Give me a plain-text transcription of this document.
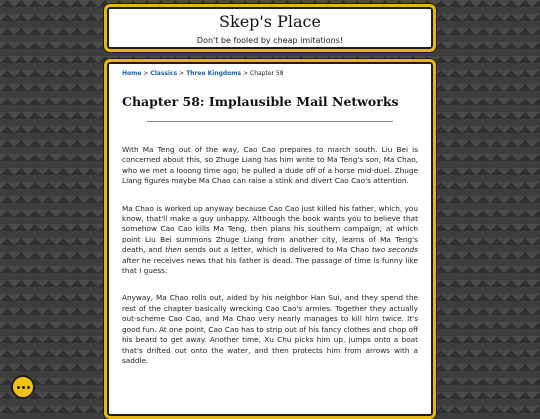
Skep's Place
Don't be fooled by cheap imitations!
Home > Classics > Three Kingdoms > Chapter 58
Chapter 58: Implausible Mail Networks

With Ma Teng out of the way, Cao Cao prepares to march south. Liu Bei is concerned about this, so Zhuge Liang has him write to Ma Teng's son, Ma Chao, who we met a looong time ago; he pulled a dude off of a horse mid-duel. Zhuge Liang figures maybe Ma Chao can raise a stink and divert Cao Cao's attention.

Ma Chao is worked up anyway because Cao Cao just killed his father, which, you know, that'll make a guy unhappy. Although the book wants you to believe that somehow Cao Cao kills Ma Teng, then plans his southern campaign; at which point Liu Bei summons Zhuge Liang from another city, learns of Ma Teng's death, and then sends out a letter, which is delivered to Ma Chao two seconds after he receives news that his father is dead. The passage of time is funny like that I guess.

Anyway, Ma Chao rolls out, aided by his neighbor Han Sui, and they spend the rest of the chapter basically wrecking Cao Cao's armies. Together they actually out-scheme Cao Cao, and Ma Chao very nearly manages to kill him twice. It's good fun. At one point, Cao Cao has to strip out of his fancy clothes and chop off his beard to get away. Another time, Xu Chu picks him up, jumps onto a boat that's drifted out onto the water, and then protects him from arrows with a saddle.
